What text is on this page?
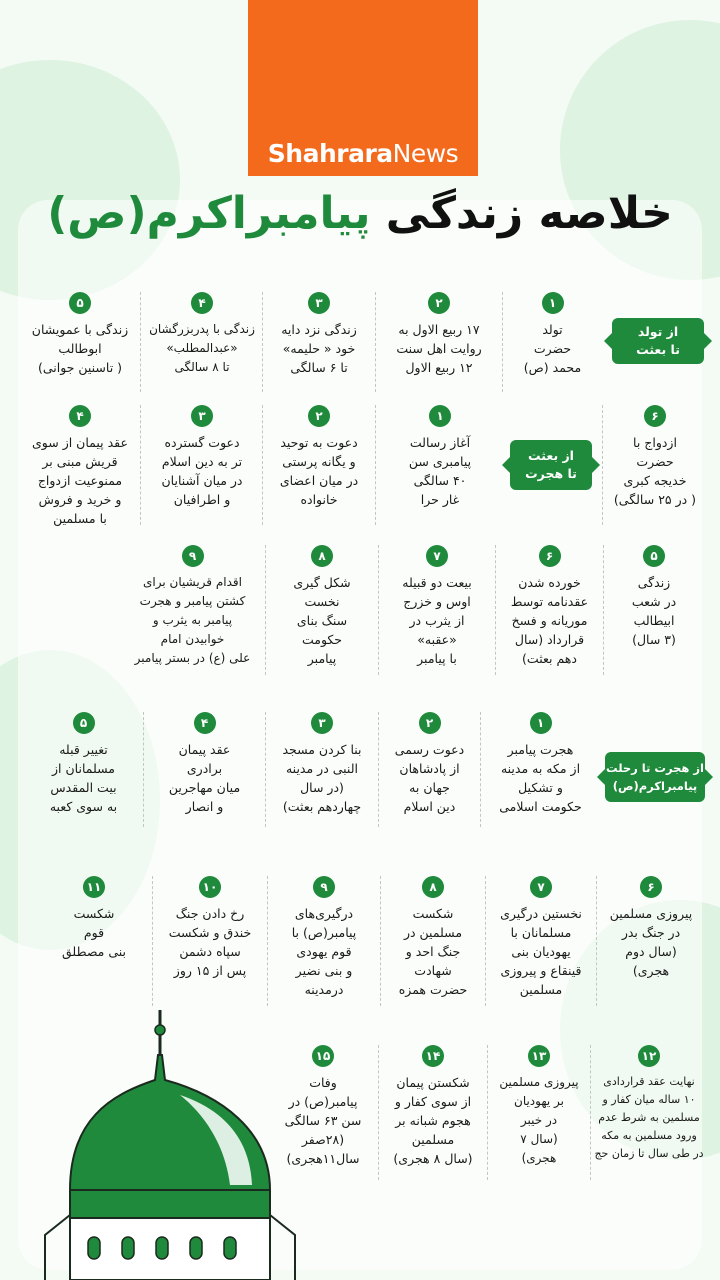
ShahraraNews
خلاصه زندگی پیامبراکرم(ص)
از تولد
تا بعثت
از بعثت
تا هجرت
از هجرت تا رحلت
پیامبراکرم(ص)
۱
تولد
حضرت
محمد (ص)
۲
۱۷ ربیع الاول به
روایت اهل سنت
۱۲ ربیع الاول
۳
زندگی نزد دایه
خود « حلیمه»
تا ۶ سالگی
۴
زندگی با پدربزرگشان
«عبدالمطلب»
تا ۸ سالگی
۵
زندگی با عمویشان
ابوطالب
( تاسنین جوانی)
۶
ازدواج با
حضرت
خدیجه کبری
( در ۲۵ سالگی)
۱
آغاز رسالت
پیامبری سن
۴۰ سالگی
غار حرا
۲
دعوت به توحید
و یگانه پرستی
در میان اعضای
خانواده
۳
دعوت گسترده
تر به دین اسلام
در میان آشنایان
و اطرافیان
۴
عقد پیمان از سوی
قریش مبنی بر
ممنوعیت ازدواج
و خرید و فروش
با مسلمین
۵
زندگی
در شعب
ابیطالب
(۳ سال)
۶
خورده شدن
عقدنامه توسط
موریانه و فسخ
قرارداد (سال
دهم بعثت)
۷
بیعت دو قبیله
اوس و خزرج
از یثرب در
«عقبه»
با پیامبر
۸
شکل گیری
نخست
سنگ بنای
حکومت
پیامبر
۹
اقدام قریشیان برای
کشتن پیامبر و هجرت
پیامبر به یثرب و
خوابیدن امام
علی (ع) در بستر پیامبر
۱
هجرت پیامبر
از مکه به مدینه
و تشکیل
حکومت اسلامی
۲
دعوت رسمی
از پادشاهان
جهان به
دین اسلام
۳
بنا کردن مسجد
النبی در مدینه
(در سال
چهاردهم بعثت)
۴
عقد پیمان
برادری
میان مهاجرین
و انصار
۵
تغییر قبله
مسلمانان از
بیت المقدس
به سوی کعبه
۶
پیروزی مسلمین
در جنگ بدر
(سال دوم
هجری)
۷
نخستین درگیری
مسلمانان با
یهودیان بنی
قینقاع و پیروزی
مسلمین
۸
شکست
مسلمین در
جنگ احد و
شهادت
حضرت همزه
۹
درگیری‌های
پیامبر(ص) با
قوم یهودی
و بنی نضیر
درمدینه
۱۰
رخ دادن جنگ
خندق و شکست
سپاه دشمن
پس از ۱۵ روز
۱۱
شکست
قوم
بنی مصطلق
۱۲
نهایت عقد قراردادی
۱۰ ساله میان کفار و
مسلمین به شرط عدم
ورود مسلمین به مکه
در طی سال تا زمان حج
۱۳
پیروزی مسلمین
بر یهودیان
در خیبر
(سال ۷
هجری)
۱۴
شکستن پیمان
از سوی کفار و
هجوم شبانه بر
مسلمین
(سال ۸ هجری)
۱۵
وفات
پیامبر(ص) در
سن ۶۳ سالگی
(۲۸صفر
سال۱۱هجری)
